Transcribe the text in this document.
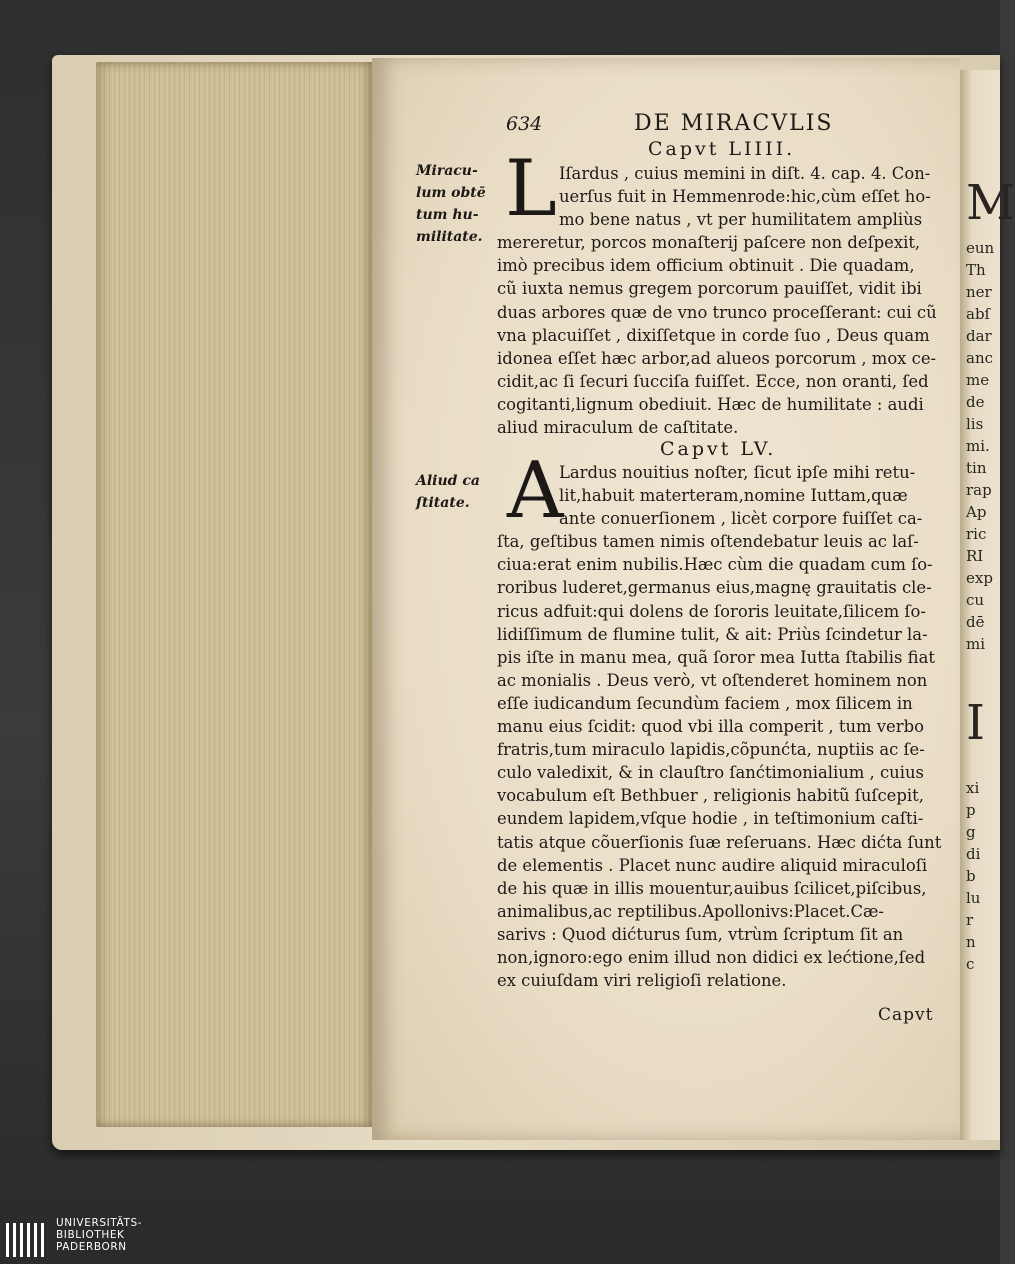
M
eun
Th
ner
abſ
dar
anc
me
de
lis
mi.
tin
rap
Ap
ric
RI
exp
cu
dē
mi
I
xi
p
g
di
b
lu
r
n
c
634	DE MIRACVLIS
Capvt LIIII.
Miracu-
lum obtē
tum hu-
militate.
L Iſardus , cuius memini in diſt. 4. cap. 4. Con-
uerſus fuit in Hemmenrode:hic,cùm eſſet ho-
mo bene natus , vt per humilitatem ampliùs
mereretur, porcos monaſterij paſcere non deſpexit,
imò precibus idem officium obtinuit . Die quadam,
cũ iuxta nemus gregem porcorum pauiſſet, vidit ibi
duas arbores quæ de vno trunco proceſſerant: cui cũ
vna placuiſſet , dixiſſetque in corde ſuo , Deus quam
idonea eſſet hæc arbor,ad alueos porcorum , mox ce-
cidit,ac ſi ſecuri ſucciſa fuiſſet. Ecce, non oranti, ſed
cogitanti,lignum obediuit. Hæc de humilitate : audi
aliud miraculum de caſtitate.
Capvt LV.
Aliud ca
ſtitate. A
Lardus nouitius noſter, ſicut ipſe mihi retu-
lit,habuit materteram,nomine Iuttam,quæ
ante conuerſionem , licèt corpore fuiſſet ca-
ſta, geſtibus tamen nimis oſtendebatur leuis ac laſ-
ciua:erat enim nubilis.Hæc cùm die quadam cum ſo-
roribus luderet,germanus eius,magnę grauitatis cle-
ricus adfuit:qui dolens de ſororis leuitate,ſilicem ſo-
lidiſſimum de flumine tulit, & ait: Priùs ſcindetur la-
pis iſte in manu mea, quã ſoror mea Iutta ſtabilis fiat
ac monialis . Deus verò, vt oſtenderet hominem non
eſſe iudicandum ſecundùm faciem , mox ſilicem in
manu eius ſcidit: quod vbi illa comperit , tum verbo
fratris,tum miraculo lapidis,cõpunćta, nuptiis ac ſe-
culo valedixit, & in clauſtro ſanćtimonialium , cuius
vocabulum eſt Bethbuer , religionis habitũ ſuſcepit,
eundem lapidem,vſque hodie , in teſtimonium caſti-
tatis atque cõuerſionis ſuæ reſeruans. Hæc dićta ſunt
de elementis . Placet nunc audire aliquid miraculoſi
de his quæ in illis mouentur,auibus ſcilicet,piſcibus,
animalibus,ac reptilibus.Apollonivs:Placet.Cæ-
sarivs : Quod dićturus ſum, vtrùm ſcriptum ſit an
non,ignoro:ego enim illud non didici ex lećtione,ſed
ex cuiuſdam viri religioſi relatione.
Capvt
UNIVERSITÄTS-
BIBLIOTHEK
PADERBORN
